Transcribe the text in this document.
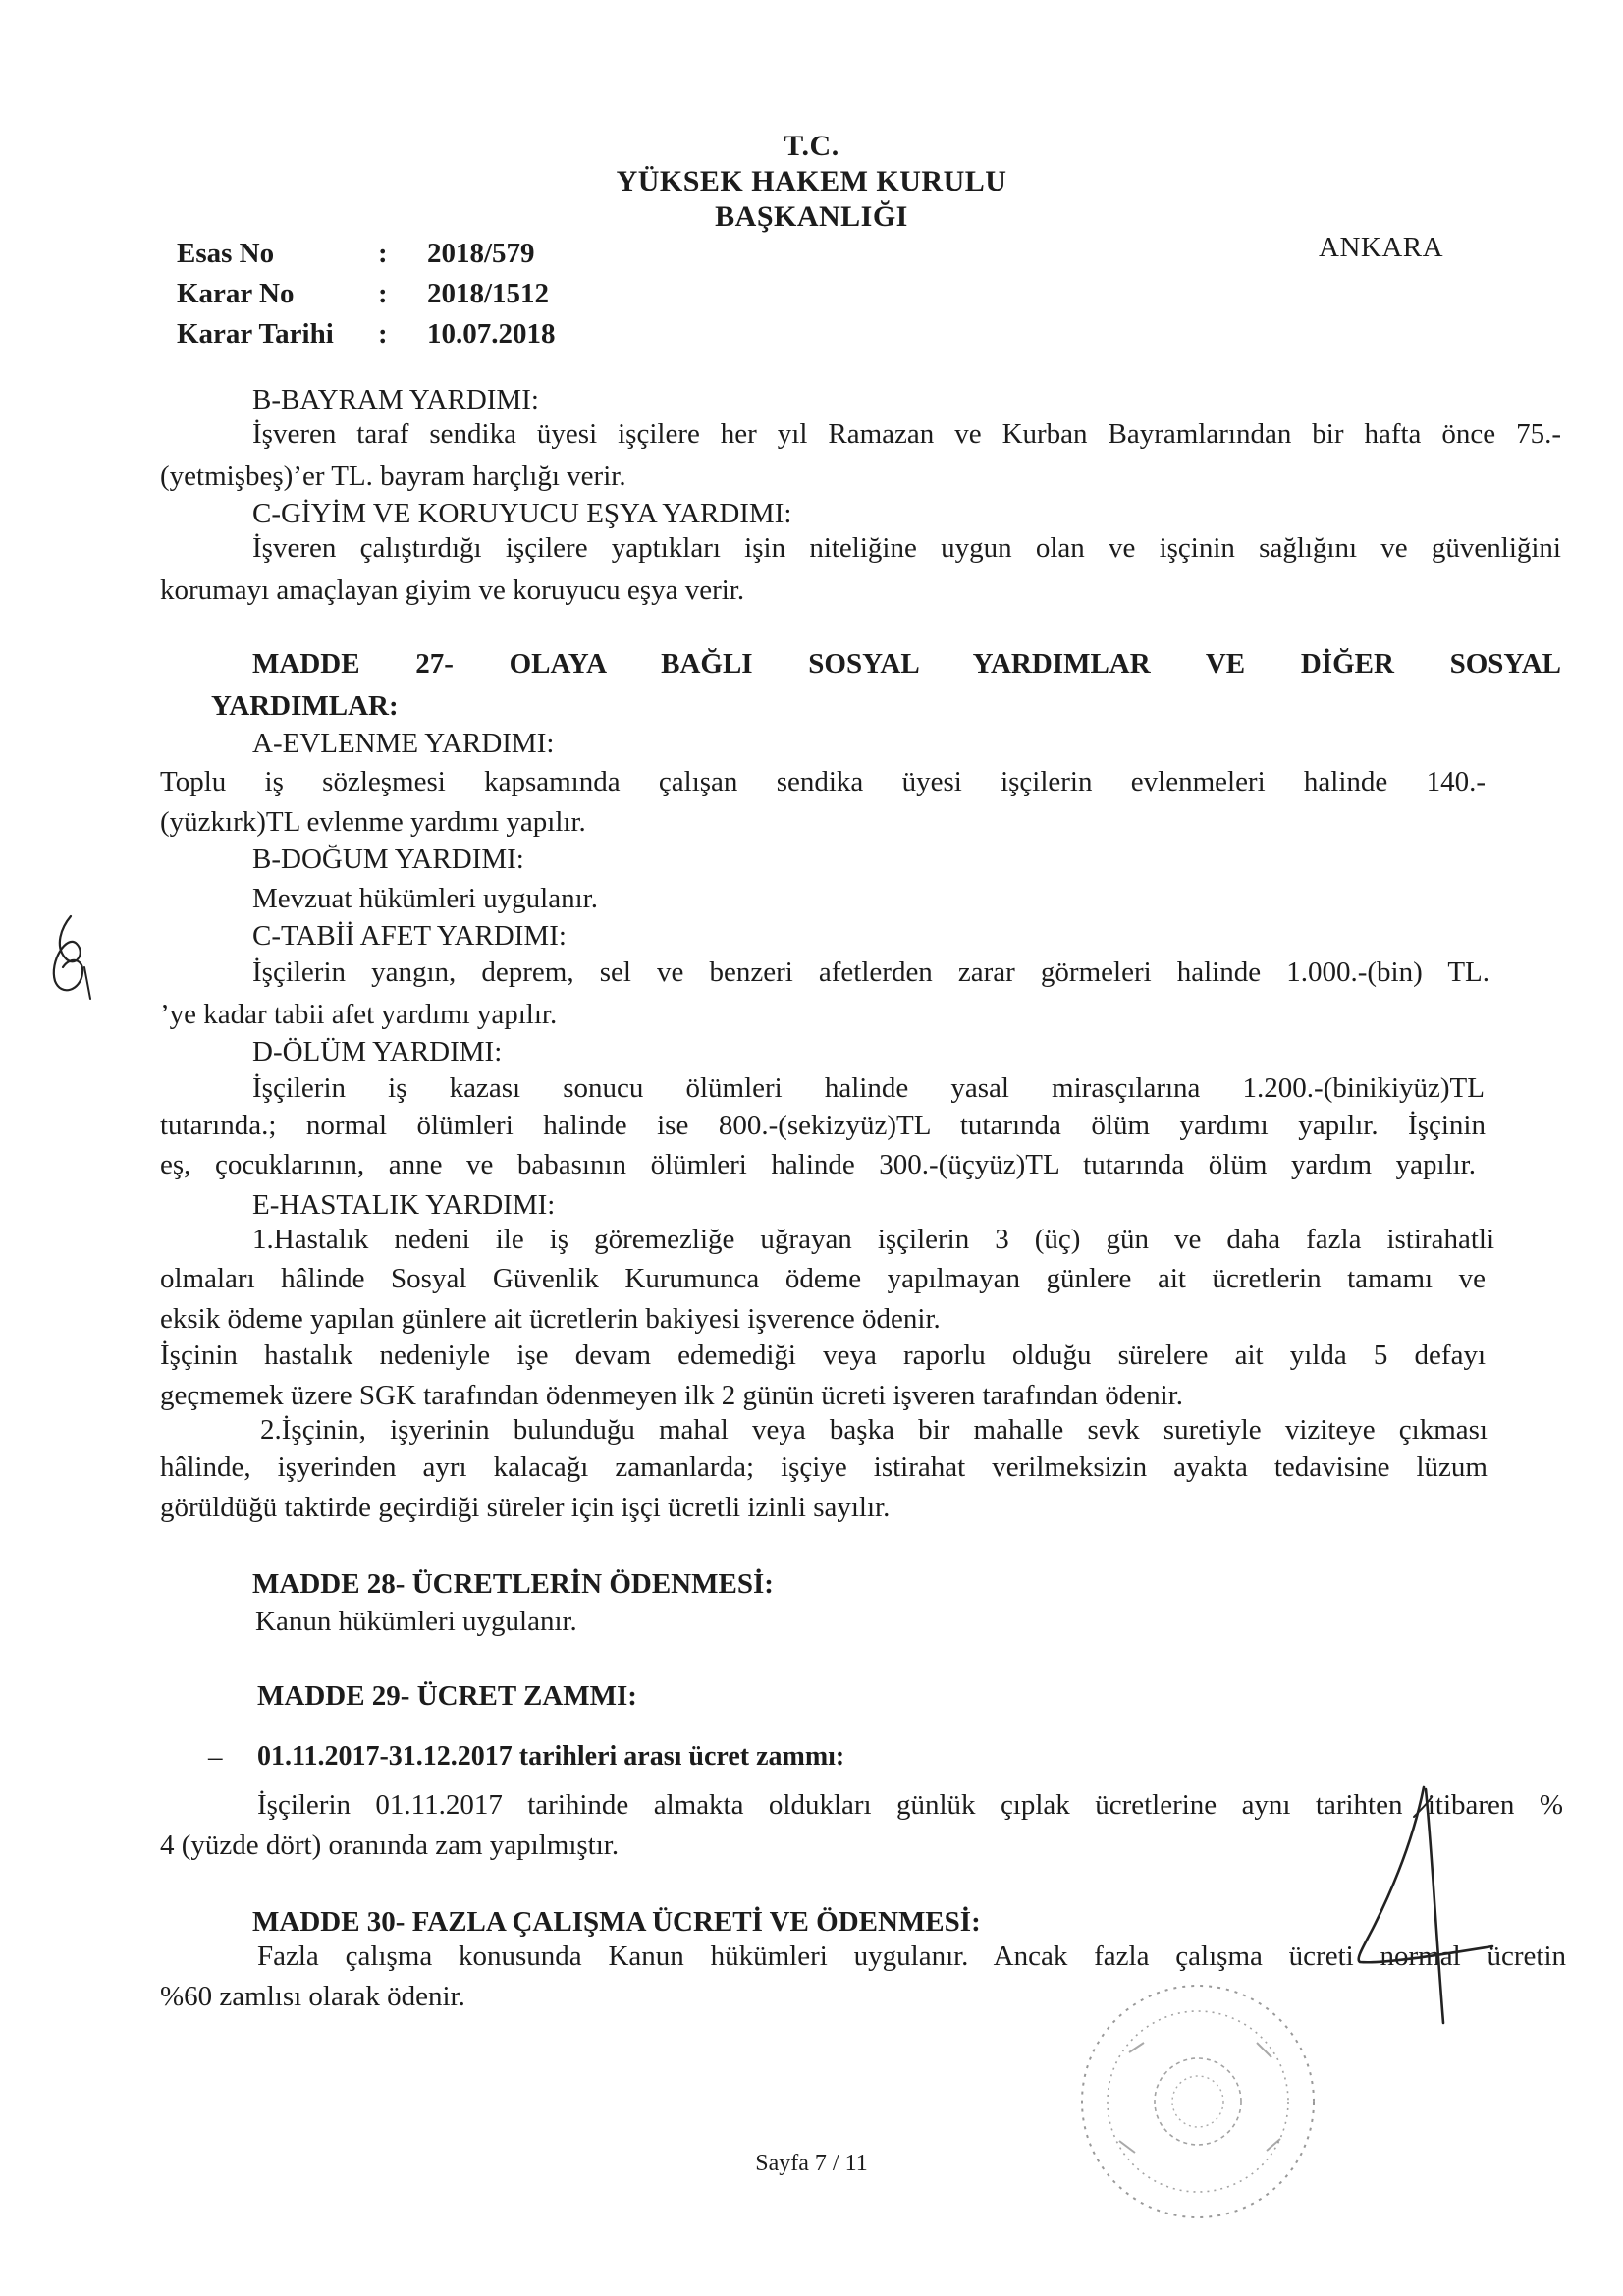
T.C.
YÜKSEK HAKEM KURULU
BAŞKANLIĞI
Esas No	:	2018/579
Karar No	:	2018/1512
Karar Tarihi	:	10.07.2018
ANKARA
B-BAYRAM YARDIMI:
İşveren taraf sendika üyesi işçilere her yıl Ramazan ve Kurban Bayramlarından bir hafta önce 75.-
(yetmişbeş)’er TL. bayram harçlığı verir.
C-GİYİM VE KORUYUCU EŞYA YARDIMI:
İşveren çalıştırdığı işçilere yaptıkları işin niteliğine uygun olan ve işçinin sağlığını ve güvenliğini
korumayı amaçlayan giyim ve koruyucu eşya verir.
MADDE 27- OLAYA BAĞLI SOSYAL YARDIMLAR VE DİĞER SOSYAL
YARDIMLAR:
A-EVLENME YARDIMI:
Toplu iş sözleşmesi kapsamında çalışan sendika üyesi işçilerin evlenmeleri halinde 140.-
(yüzkırk)TL evlenme yardımı yapılır.
B-DOĞUM YARDIMI:
Mevzuat hükümleri uygulanır.
C-TABİİ AFET YARDIMI:
İşçilerin yangın, deprem, sel ve benzeri afetlerden zarar görmeleri halinde 1.000.-(bin) TL.
’ye kadar tabii afet yardımı yapılır.
D-ÖLÜM YARDIMI:
İşçilerin iş kazası sonucu ölümleri halinde yasal mirasçılarına 1.200.-(binikiyüz)TL
tutarında.; normal ölümleri halinde ise 800.-(sekizyüz)TL tutarında ölüm yardımı yapılır. İşçinin
eş, çocuklarının, anne ve babasının ölümleri halinde 300.-(üçyüz)TL tutarında ölüm yardım yapılır.
E-HASTALIK YARDIMI:
1.Hastalık nedeni ile iş göremezliğe uğrayan işçilerin 3 (üç) gün ve daha fazla istirahatli
olmaları hâlinde Sosyal Güvenlik Kurumunca ödeme yapılmayan günlere ait ücretlerin tamamı ve
eksik ödeme yapılan günlere ait ücretlerin bakiyesi işverence ödenir.
İşçinin hastalık nedeniyle işe devam edemediği veya raporlu olduğu sürelere ait yılda 5 defayı
geçmemek üzere SGK tarafından ödenmeyen ilk 2 günün ücreti işveren tarafından ödenir.
2.İşçinin, işyerinin bulunduğu mahal veya başka bir mahalle sevk suretiyle viziteye çıkması
hâlinde, işyerinden ayrı kalacağı zamanlarda; işçiye istirahat verilmeksizin ayakta tedavisine lüzum
görüldüğü taktirde geçirdiği süreler için işçi ücretli izinli sayılır.
MADDE 28- ÜCRETLERİN ÖDENMESİ:
Kanun hükümleri uygulanır.
MADDE 29- ÜCRET ZAMMI:
– 01.11.2017-31.12.2017 tarihleri arası ücret zammı:
İşçilerin 01.11.2017 tarihinde almakta oldukları günlük çıplak ücretlerine aynı tarihten itibaren %
4 (yüzde dört) oranında zam yapılmıştır.
MADDE 30- FAZLA ÇALIŞMA ÜCRETİ VE ÖDENMESİ:
Fazla çalışma konusunda Kanun hükümleri uygulanır. Ancak fazla çalışma ücreti normal ücretin
%60 zamlısı olarak ödenir.
Sayfa 7 / 11
